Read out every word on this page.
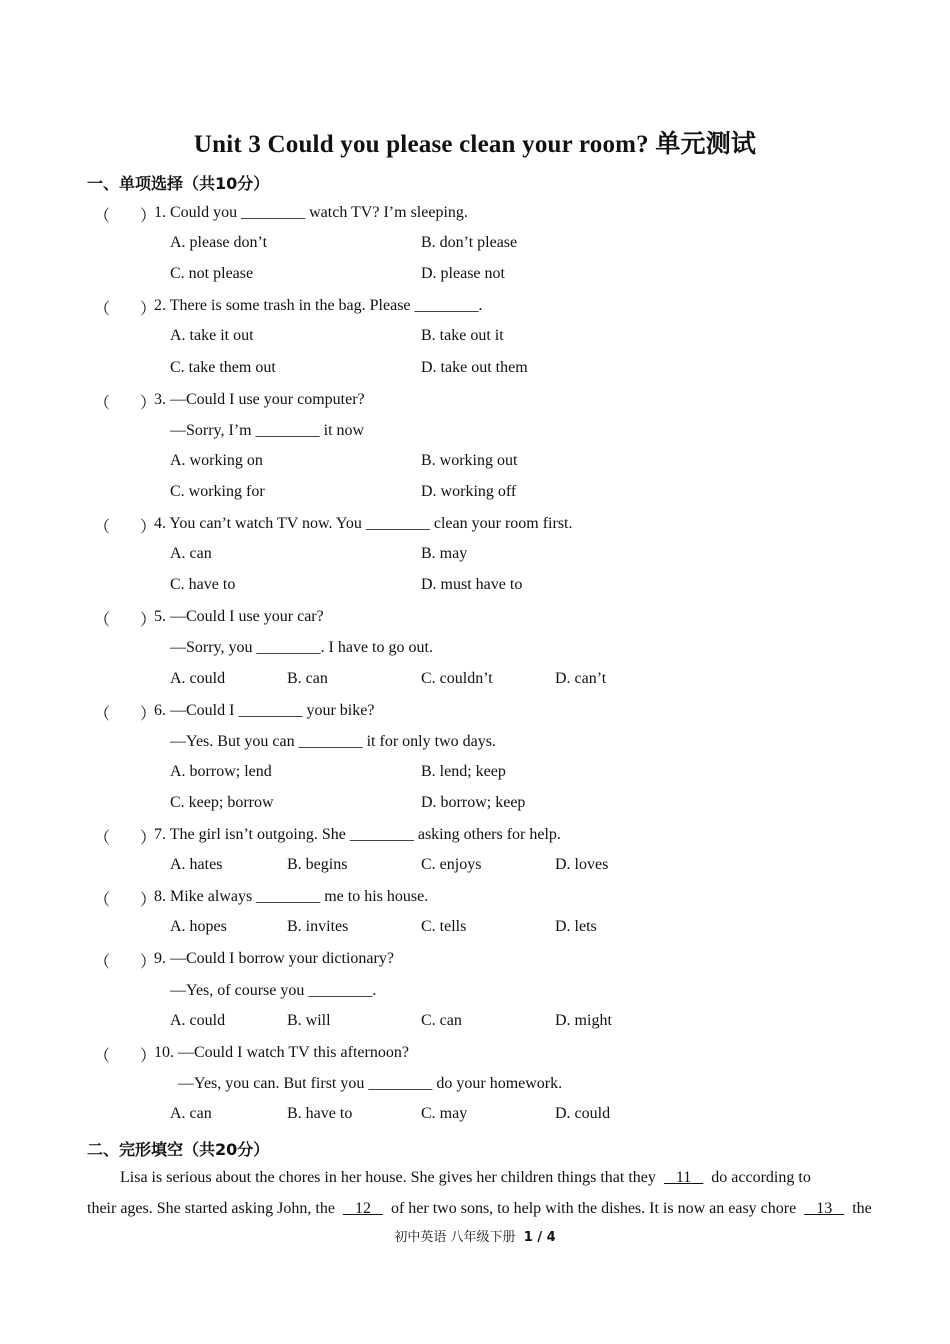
Unit 3 Could you please clean your room? 单元测试
一、单项选择（共10分）
（ ）
1. Could you ________ watch TV? I’m sleeping.
A. please don’t	B. don’t please
C. not please	D. please not
（ ）
2. There is some trash in the bag. Please ________.
A. take it out	B. take out it
C. take them out	D. take out them
（ ）
3. —Could I use your computer?
—Sorry, I’m ________ it now
A. working on	B. working out
C. working for	D. working off
（ ）
4. You can’t watch TV now. You ________ clean your room first.
A. can	B. may
C. have to	D. must have to
（ ）
5. —Could I use your car?
—Sorry, you ________. I have to go out.
A. could	B. can	C. couldn’t	D. can’t
（ ）
6. —Could I ________ your bike?
—Yes. But you can ________ it for only two days.
A. borrow; lend	B. lend; keep
C. keep; borrow	D. borrow; keep
（ ）
7. The girl isn’t outgoing. She ________ asking others for help.
A. hates	B. begins	C. enjoys	D. loves
（ ）
8. Mike always ________ me to his house.
A. hopes	B. invites	C. tells	D. lets
（ ）
9. —Could I borrow your dictionary?
—Yes, of course you ________.
A. could	B. will	C. can	D. might
（ ）
10. —Could I watch TV this afternoon?
—Yes, you can. But first you ________ do your homework.
A. can	B. have to	C. may	D. could
二、完形填空（共20分）
Lisa is serious about the chores in her house. She gives her children things that they 11 do according to
their ages. She started asking John, the 12 of her two sons, to help with the dishes. It is now an easy chore 13 the
初中英语 八年级下册 1 / 4
